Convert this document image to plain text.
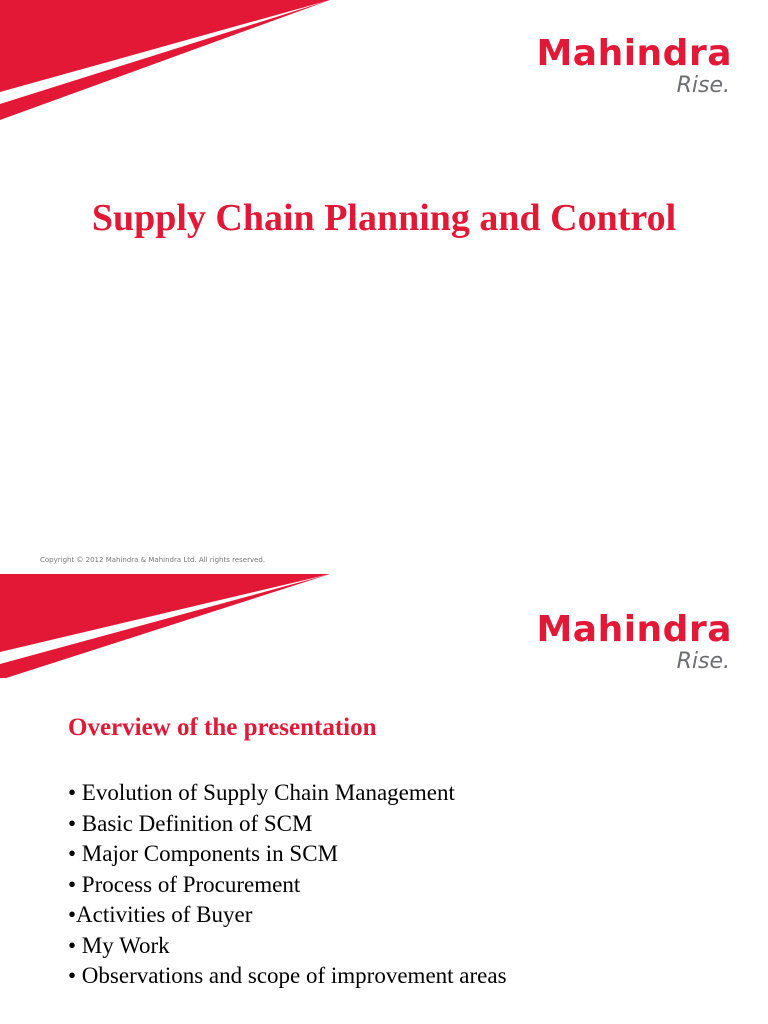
Mahindra
Rise.
Supply Chain Planning and Control
Copyright © 2012 Mahindra & Mahindra Ltd. All rights reserved.
Mahindra
Rise.
Overview of the presentation
• Evolution of Supply Chain Management
• Basic Definition of SCM
• Major Components in SCM
• Process of Procurement
•Activities of Buyer
• My Work
• Observations and scope of improvement areas
